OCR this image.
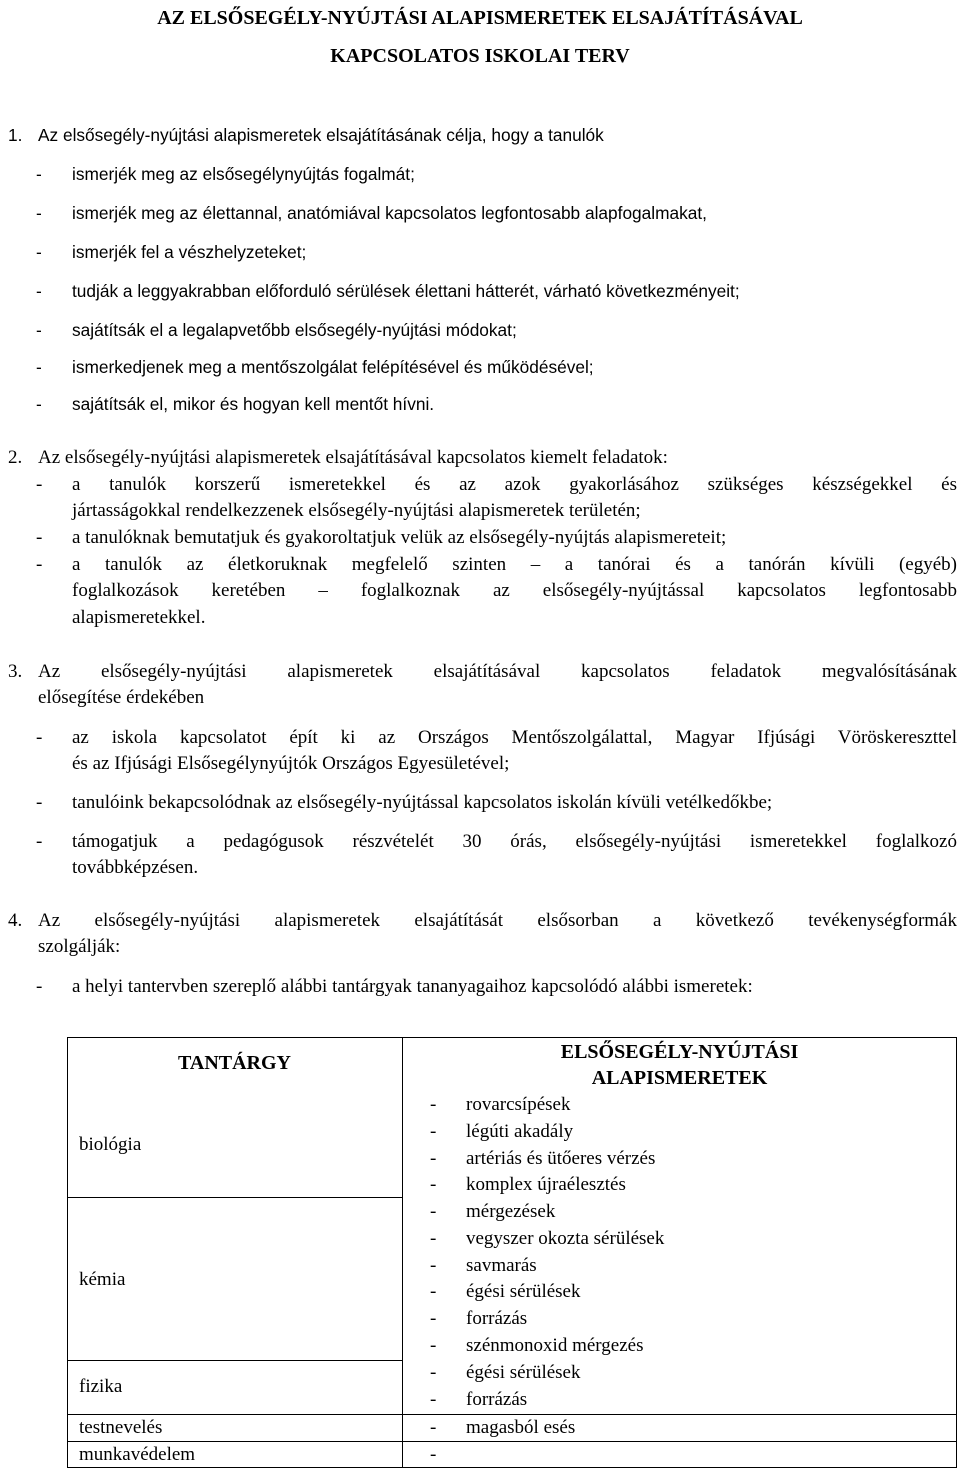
AZ ELSŐSEGÉLY-NYÚJTÁSI ALAPISMERETEK ELSAJÁTÍTÁSÁVAL
KAPCSOLATOS ISKOLAI TERV
1. Az elsősegély-nyújtási alapismeretek elsajátításának célja, hogy a tanulók
- ismerjék meg az elsősegélynyújtás fogalmát;
- ismerjék meg az élettannal, anatómiával kapcsolatos legfontosabb alapfogalmakat,
- ismerjék fel a vészhelyzeteket;
- tudják a leggyakrabban előforduló sérülések élettani hátterét, várható következményeit;
- sajátítsák el a legalapvetőbb elsősegély-nyújtási módokat;
- ismerkedjenek meg a mentőszolgálat felépítésével és működésével;
- sajátítsák el, mikor és hogyan kell mentőt hívni.
2. Az elsősegély-nyújtási alapismeretek elsajátításával kapcsolatos kiemelt feladatok:
- a tanulók korszerű ismeretekkel és az azok gyakorlásához szükséges készségekkel és
jártasságokkal rendelkezzenek elsősegély-nyújtási alapismeretek területén;
- a tanulóknak bemutatjuk és gyakoroltatjuk velük az elsősegély-nyújtás alapismereteit;
- a tanulók az életkoruknak megfelelő szinten – a tanórai és a tanórán kívüli (egyéb)
foglalkozások keretében – foglalkoznak az elsősegély-nyújtással kapcsolatos legfontosabb
alapismeretekkel.
3. Az elsősegély-nyújtási alapismeretek elsajátításával kapcsolatos feladatok megvalósításának
elősegítése érdekében
- az iskola kapcsolatot épít ki az Országos Mentőszolgálattal, Magyar Ifjúsági Vöröskereszttel
és az Ifjúsági Elsősegélynyújtók Országos Egyesületével;
- tanulóink bekapcsolódnak az elsősegély-nyújtással kapcsolatos iskolán kívüli vetélkedőkbe;
- támogatjuk a pedagógusok részvételét 30 órás, elsősegély-nyújtási ismeretekkel foglalkozó
továbbképzésen.
4. Az elsősegély-nyújtási alapismeretek elsajátítását elsősorban a következő tevékenységformák
szolgálják:
- a helyi tantervben szereplő alábbi tantárgyak tananyagaihoz kapcsolódó alábbi ismeretek:
TANTÁRGY	ELSŐSEGÉLY-NYÚJTÁSI
ALAPISMERETEK
biológia
- rovarcsípések
- légúti akadály
- artériás és ütőeres vérzés
- komplex újraélesztés
kémia
- mérgezések
- vegyszer okozta sérülések
- savmarás
- égési sérülések
- forrázás
- szénmonoxid mérgezés
fizika
- égési sérülések
- forrázás
testnevelés	- magasból esés
munkavédelem	-
